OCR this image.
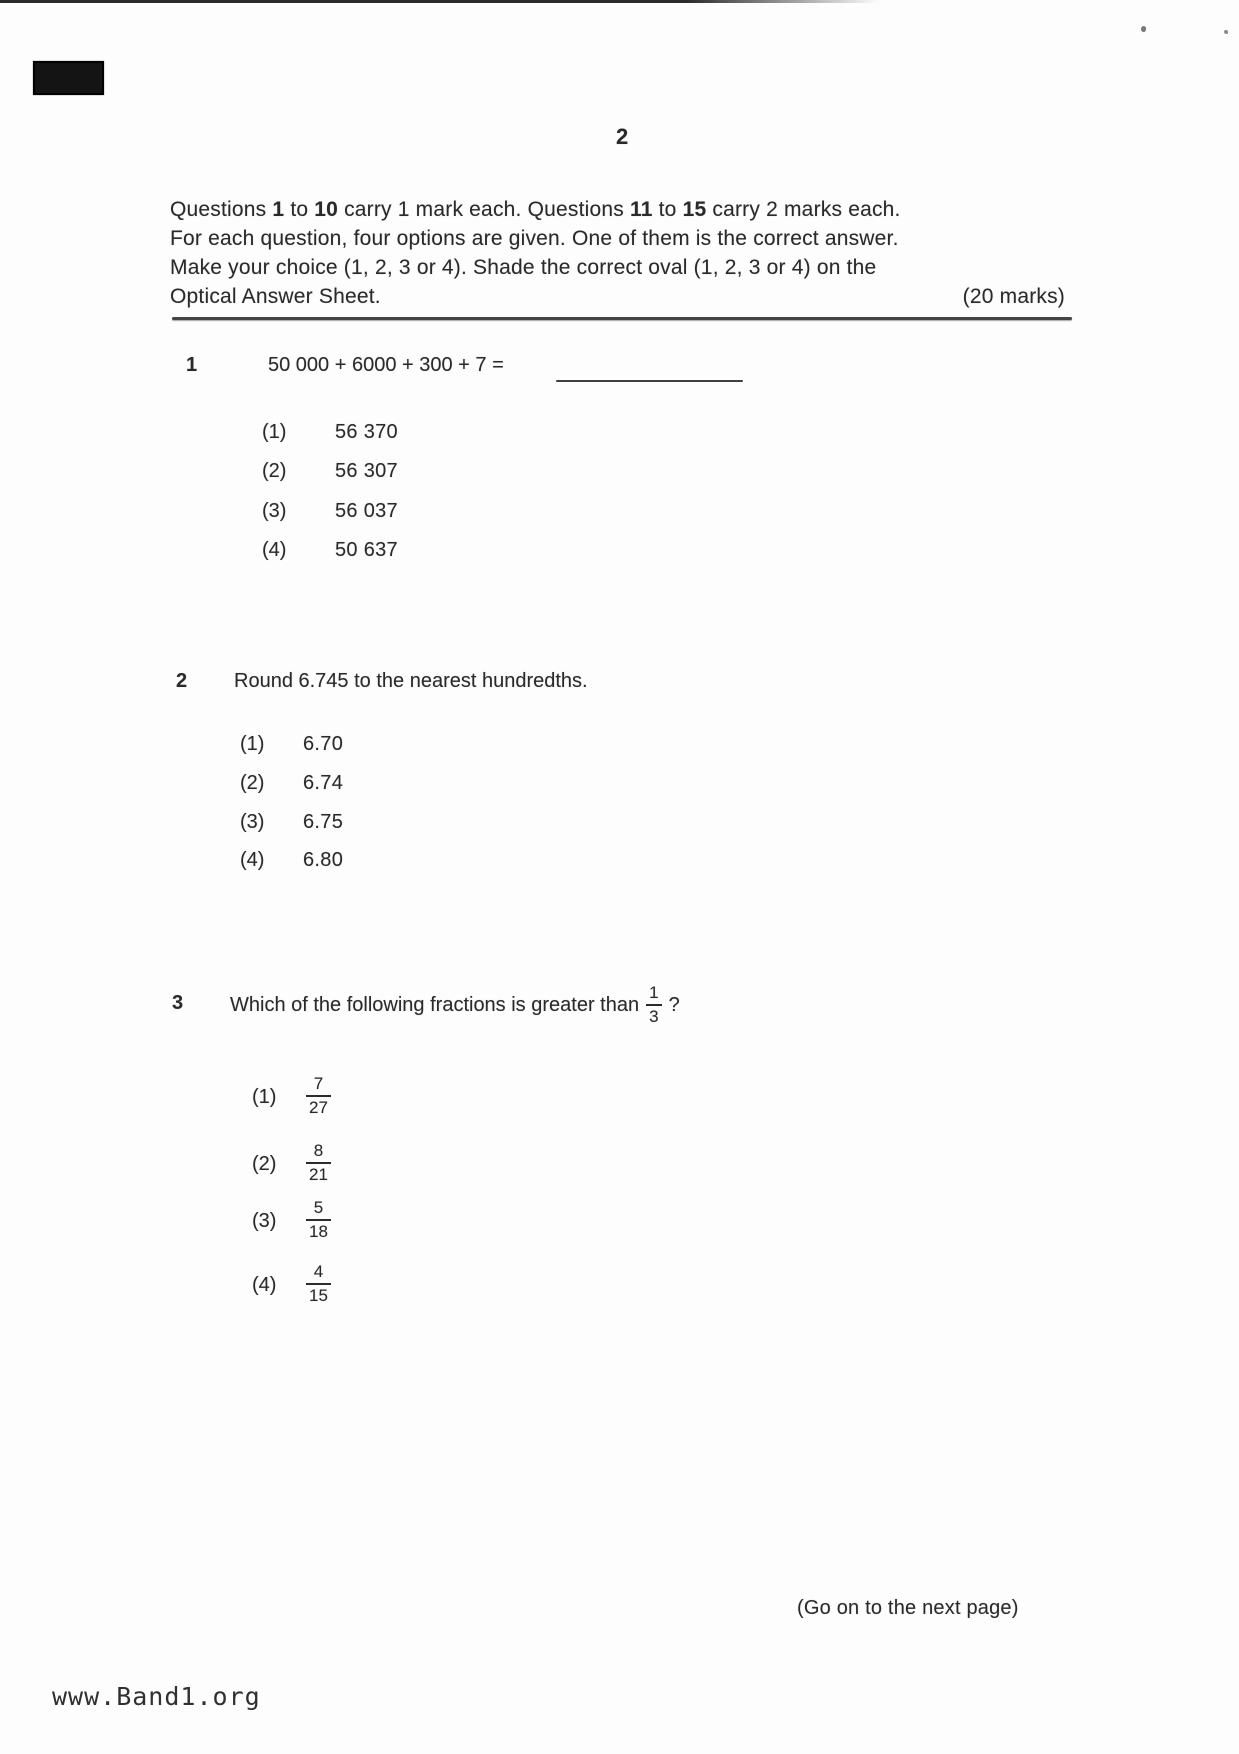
2
Questions 1 to 10 carry 1 mark each. Questions 11 to 15 carry 2 marks each.
For each question, four options are given. One of them is the correct answer.
Make your choice (1, 2, 3 or 4). Shade the correct oval (1, 2, 3 or 4) on the
Optical Answer Sheet.	(20 marks)
1	50 000 + 6000 + 300 + 7 =
(1) 56 370
(2) 56 307
(3) 56 037
(4) 50 637
2 Round 6.745 to the nearest hundredths.
(1) 6.70
(2) 6.74
(3) 6.75
(4) 6.80
3 Which of the following fractions is greater than $\frac{1}{3}$ ?
$(1) \frac{7}{27}$
$(2) \frac{8}{21}$
$(3) \frac{5}{18}$
$(4) \frac{4}{15}$
(Go on to the next page)
www.Band1.org
